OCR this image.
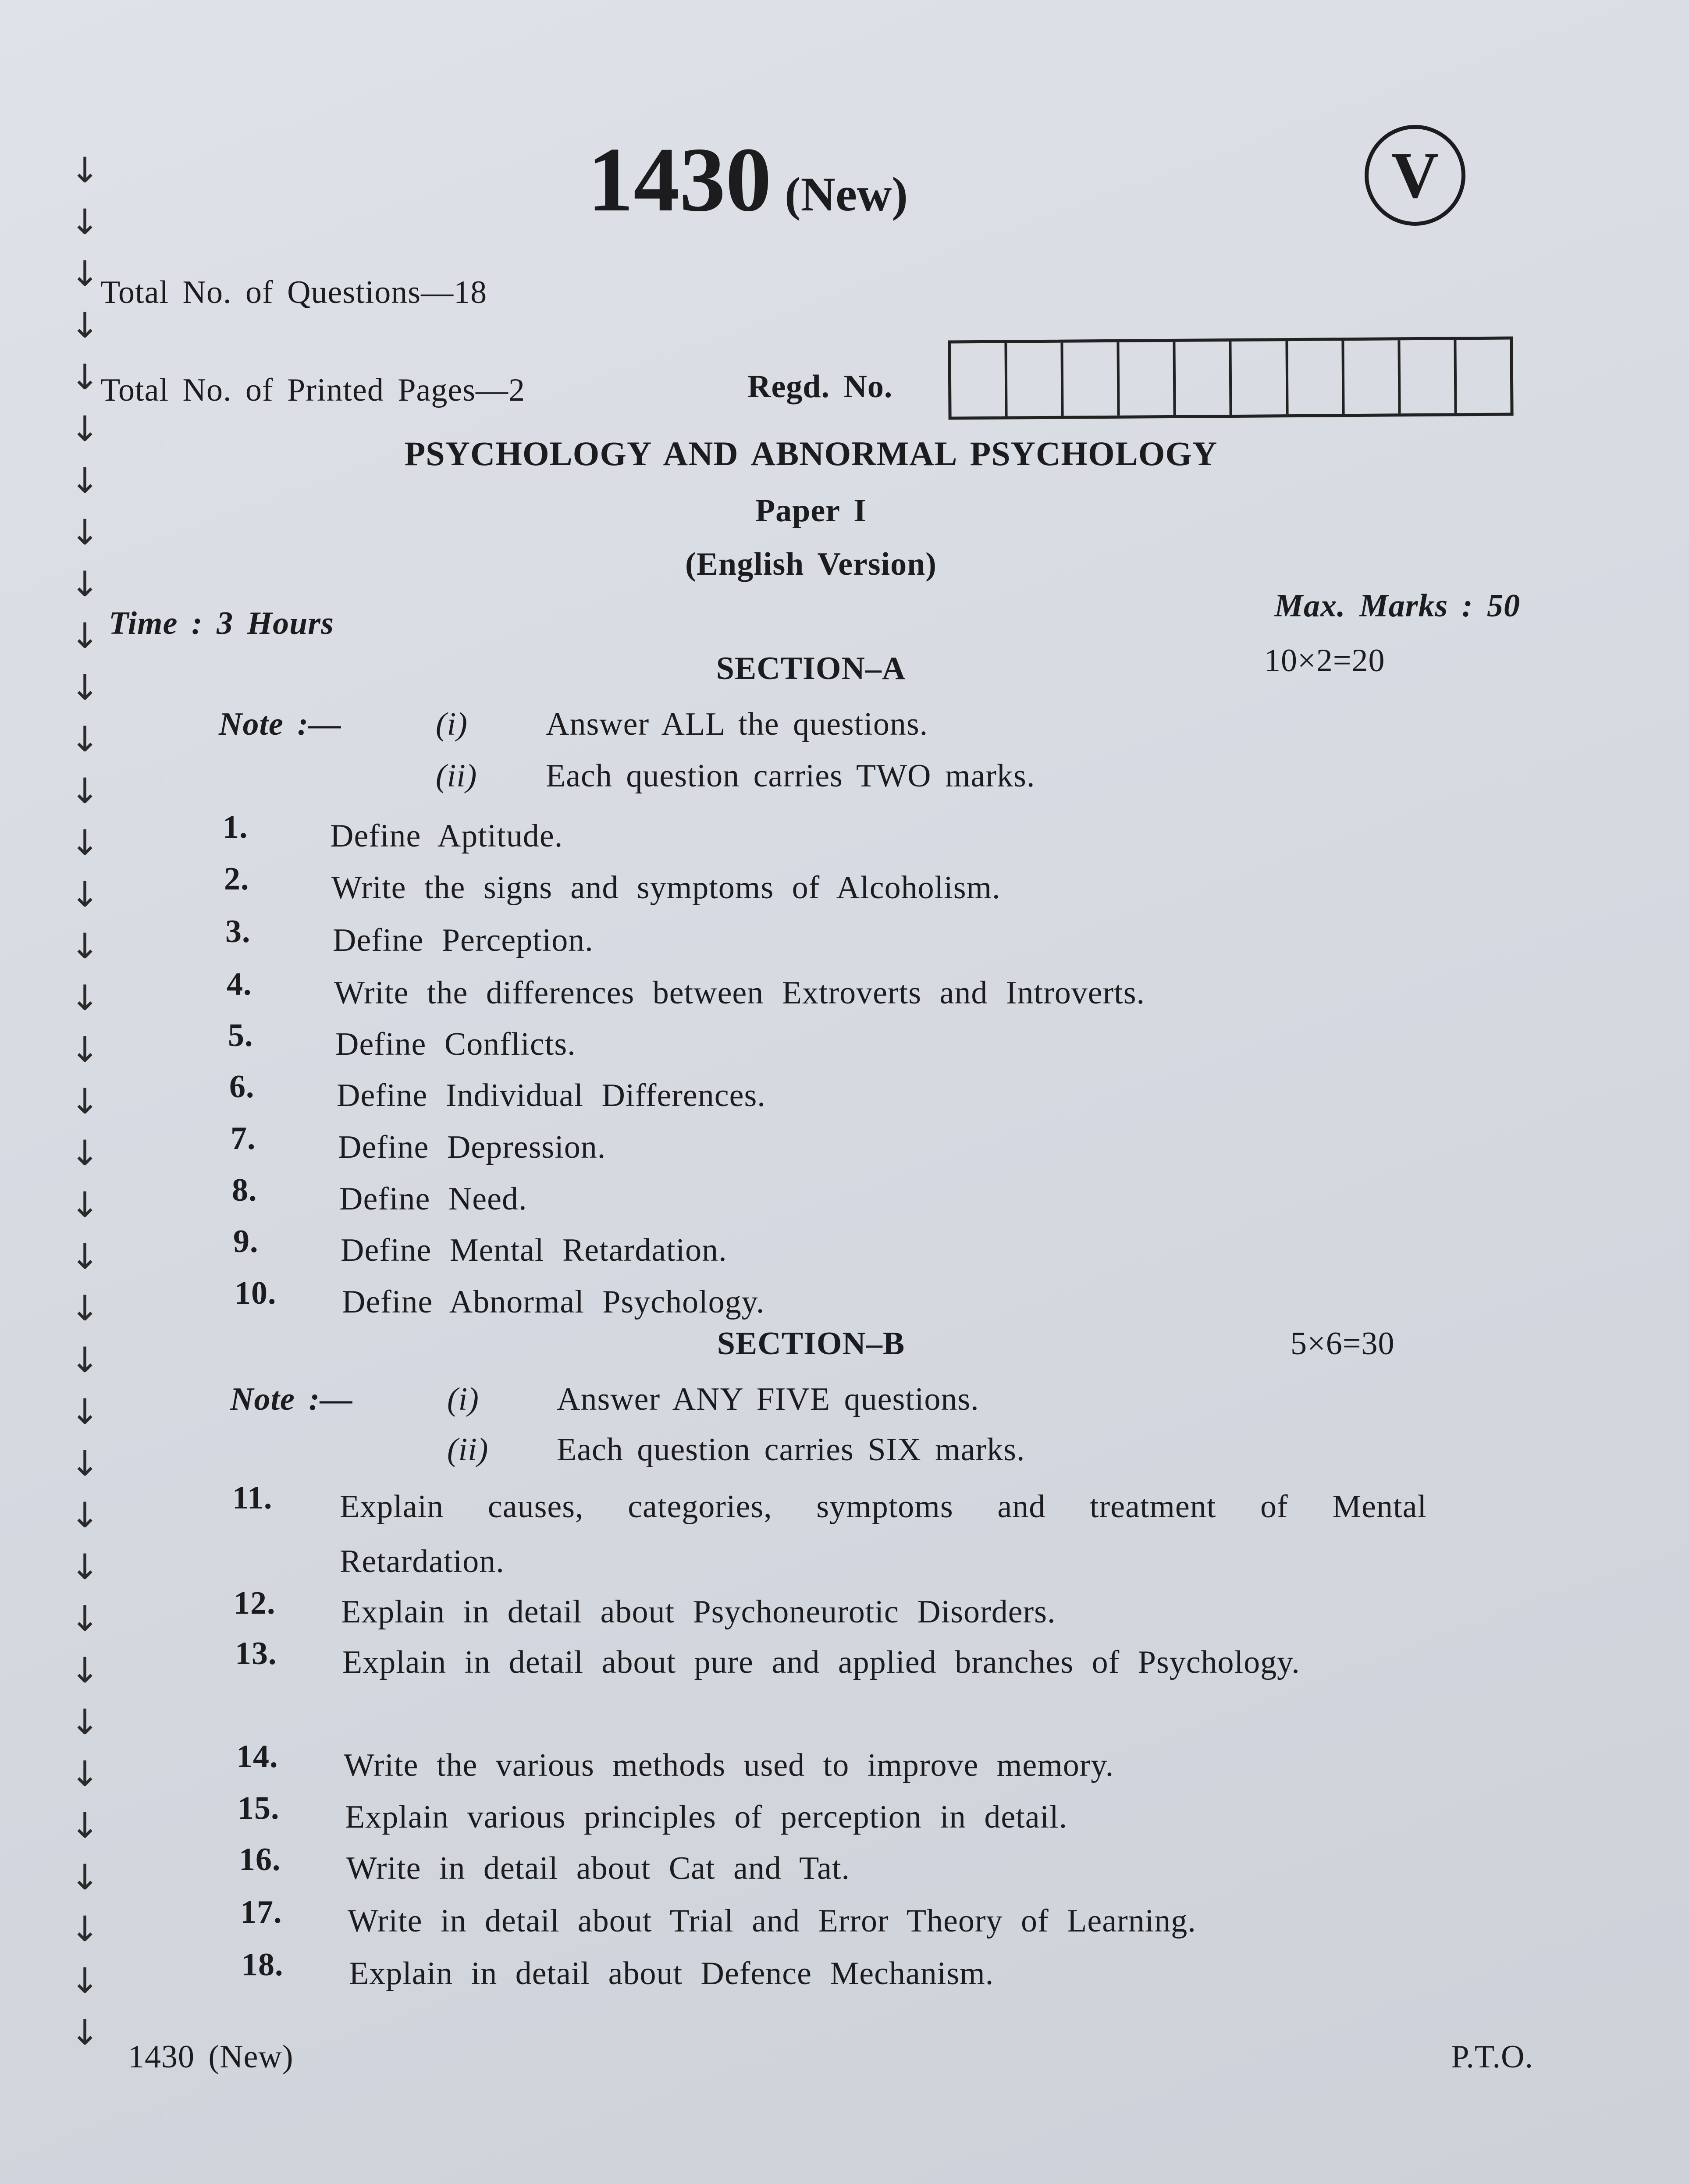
↓
↓
↓
↓
↓
↓
↓
↓
↓
↓
↓
↓
↓
↓
↓
↓
↓
↓
↓
↓
↓
↓
↓
↓
↓
↓
↓
↓
↓
↓
↓
↓
↓
↓
↓
↓
↓
1430 (New)	V
Total No. of Questions—18
Total No. of Printed Pages—2	Regd. No.
PSYCHOLOGY AND ABNORMAL PSYCHOLOGY
Paper I
(English Version)
Time : 3 Hours	Max. Marks : 50
SECTION–A	10×2=20
Note :—	(i) Answer ALL the questions.
(ii) Each question carries TWO marks.
1.	Define Aptitude.
2.	Write the signs and symptoms of Alcoholism.
3.	Define Perception.
4.	Write the differences between Extroverts and Introverts.
5.	Define Conflicts.
6.	Define Individual Differences.
7.	Define Depression.
8.	Define Need.
9.	Define Mental Retardation.
10. Define Abnormal Psychology.
SECTION–B	5×6=30
Note :—	(i) Answer ANY FIVE questions.
(ii) Each question carries SIX marks.
11. Explain causes, categories, symptoms and treatment of Mental Retardation.
12. Explain in detail about Psychoneurotic Disorders.
13. Explain in detail about pure and applied branches of Psychology.
14. Write the various methods used to improve memory.
15. Explain various principles of perception in detail.
16. Write in detail about Cat and Tat.
17. Write in detail about Trial and Error Theory of Learning.
18. Explain in detail about Defence Mechanism.
1430 (New)	P.T.O.
